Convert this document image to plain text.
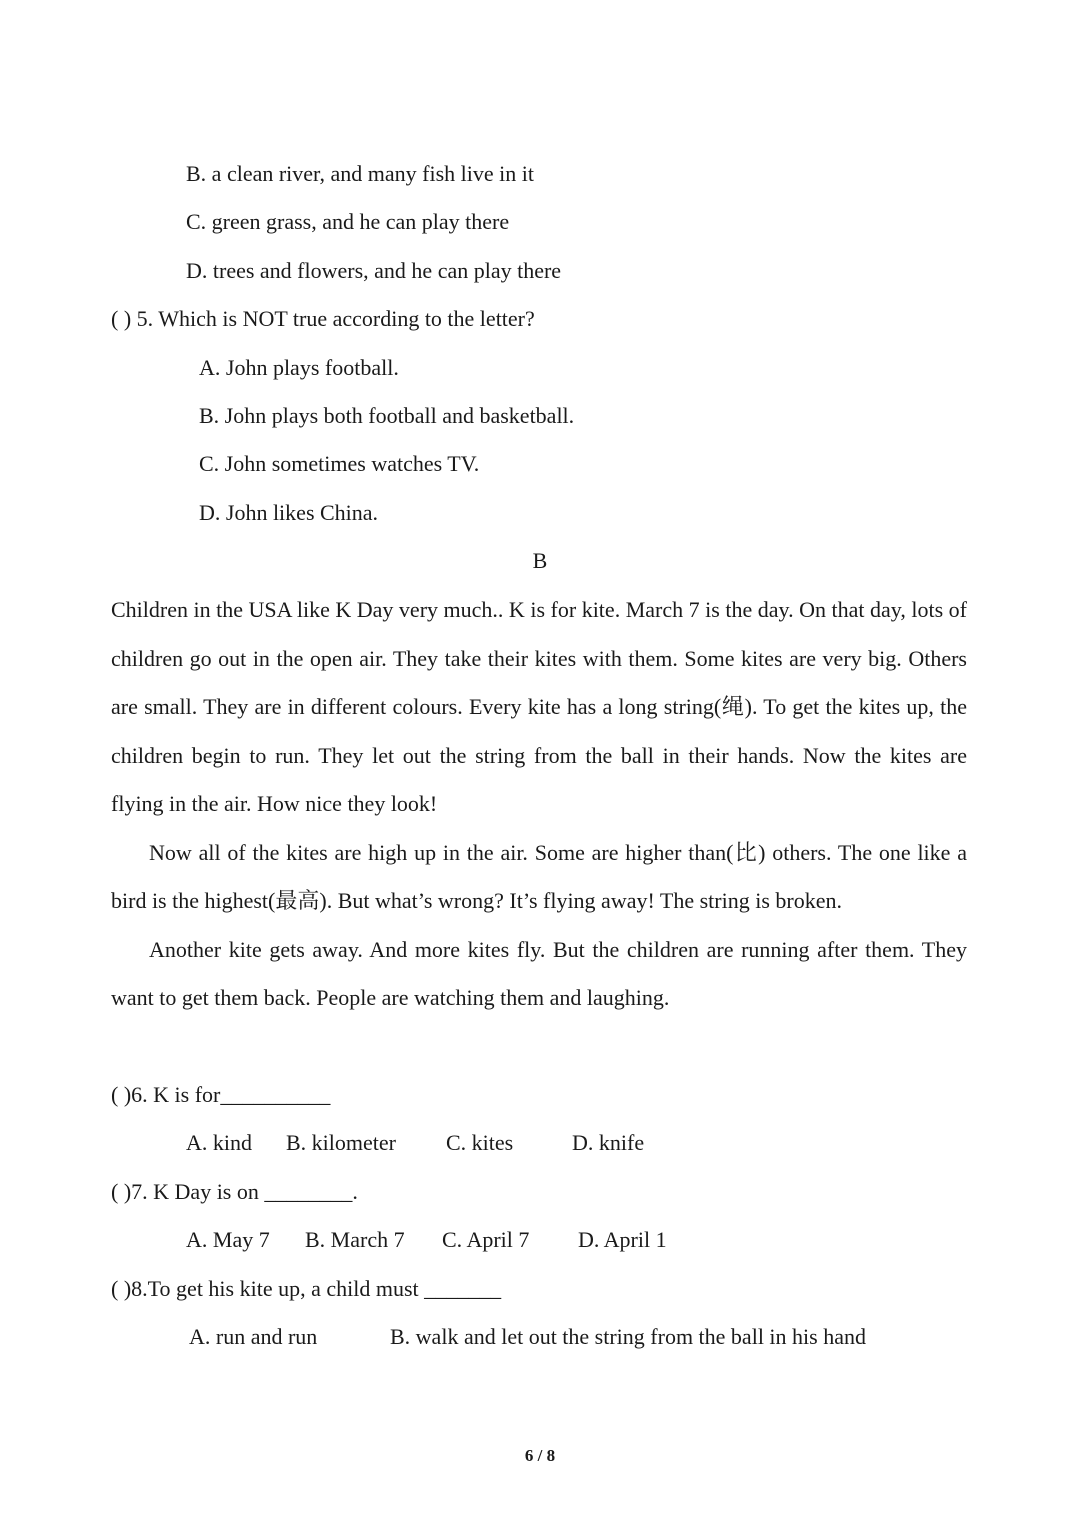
B. a clean river, and many fish live in it
C. green grass, and he can play there
D. trees and flowers, and he can play there
( ) 5. Which is NOT true according to the letter?
A. John plays football.
B. John plays both football and basketball.
C. John sometimes watches TV.
D. John likes China.
B

Children in the USA like K Day very much.. K is for kite. March 7 is the day. On that day, lots of children go out in the open air. They take their kites with them. Some kites are very big. Others are small. They are in different colours. Every kite has a long string(绳). To get the kites up, the children begin to run. They let out the string from the ball in their hands. Now the kites are flying in the air. How nice they look!

Now all of the kites are high up in the air. Some are higher than(比) others. The one like a bird is the highest(最高). But what’s wrong? It’s flying away! The string is broken.

Another kite gets away. And more kites fly. But the children are running after them. They want to get them back. People are watching them and laughing.

( )6. K is for__________
A. kind B. kilometer C. kites	D. knife
( )7. K Day is on ________.
A. May 7 B. March 7 C. April 7 D. April 1
( )8.To get his kite up, a child must _______
A. run and run	B. walk and let out the string from the ball in his hand
6 / 8
